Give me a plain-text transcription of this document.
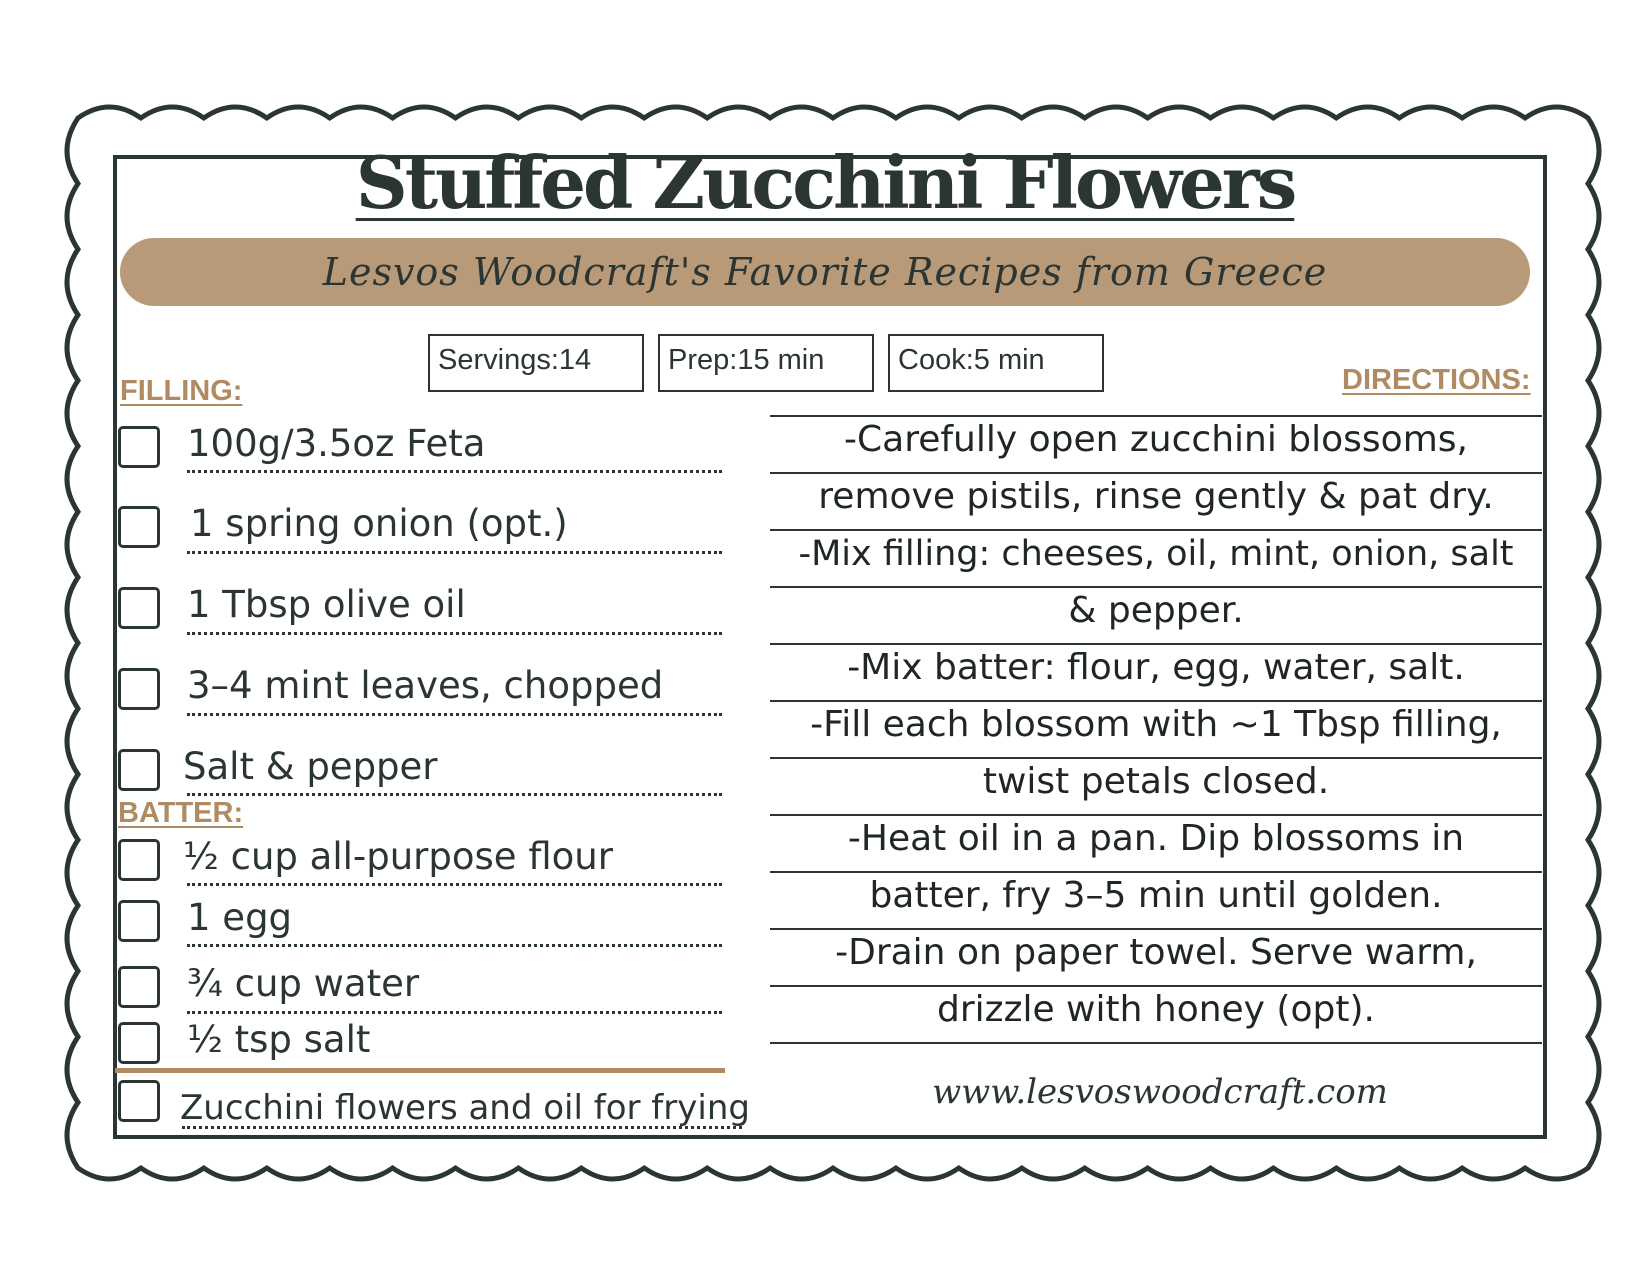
Stuffed Zucchini Flowers
Lesvos Woodcraft's Favorite Recipes from Greece
Servings:14	Prep:15 min	Cook:5 min
FILLING:
100g/3.5oz Feta
1 spring onion (opt.)
1 Tbsp olive oil
3–4 mint leaves, chopped
Salt & pepper
BATTER:
½ cup all-purpose flour
1 egg
¾ cup water
½ tsp salt
Zucchini flowers and oil for frying
DIRECTIONS:
-Carefully open zucchini blossoms,
remove pistils, rinse gently & pat dry.
-Mix filling: cheeses, oil, mint, onion, salt
& pepper.
-Mix batter: flour, egg, water, salt.
-Fill each blossom with ~1 Tbsp filling,
twist petals closed.
-Heat oil in a pan. Dip blossoms in
batter, fry 3–5 min until golden.
-Drain on paper towel. Serve warm,
drizzle with honey (opt).
www.lesvoswoodcraft.com
